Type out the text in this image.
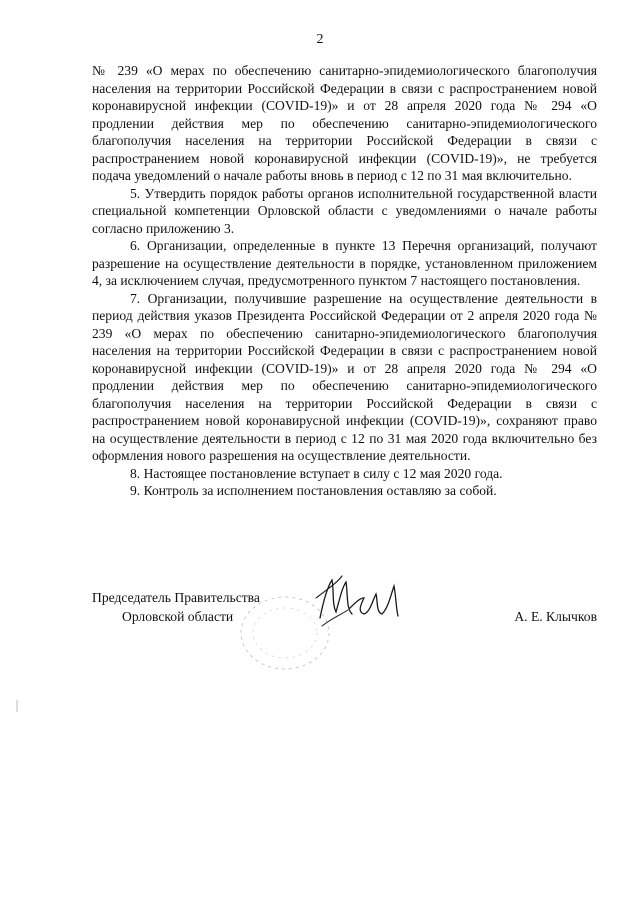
2

№ 239 «О мерах по обеспечению санитарно-эпидемиологического благополучия населения на территории Российской Федерации в связи с распространением новой коронавирусной инфекции (COVID-19)» и от 28 апреля 2020 года № 294 «О продлении действия мер по обеспечению санитарно-эпидемиологического благополучия населения на территории Российской Федерации в связи с распространением новой коронавирусной инфекции (COVID-19)», не требуется подача уведомлений о начале работы вновь в период с 12 по 31 мая включительно.

5. Утвердить порядок работы органов исполнительной государственной власти специальной компетенции Орловской области с уведомлениями о начале работы согласно приложению 3.

6. Организации, определенные в пункте 13 Перечня организаций, получают разрешение на осуществление деятельности в порядке, установленном приложением 4, за исключением случая, предусмотренного пунктом 7 настоящего постановления.

7. Организации, получившие разрешение на осуществление деятельности в период действия указов Президента Российской Федерации от 2 апреля 2020 года № 239 «О мерах по обеспечению санитарно-эпидемиологического благополучия населения на территории Российской Федерации в связи с распространением новой коронавирусной инфекции (COVID-19)» и от 28 апреля 2020 года № 294 «О продлении действия мер по обеспечению санитарно-эпидемиологического благополучия населения на территории Российской Федерации в связи с распространением новой коронавирусной инфекции (COVID-19)», сохраняют право на осуществление деятельности в период с 12 по 31 мая 2020 года включительно без оформления нового разрешения на осуществление деятельности.

8. Настоящее постановление вступает в силу с 12 мая 2020 года.

9. Контроль за исполнением постановления оставляю за собой.

Председатель Правительства
Орловской области	А. Е. Клычков
